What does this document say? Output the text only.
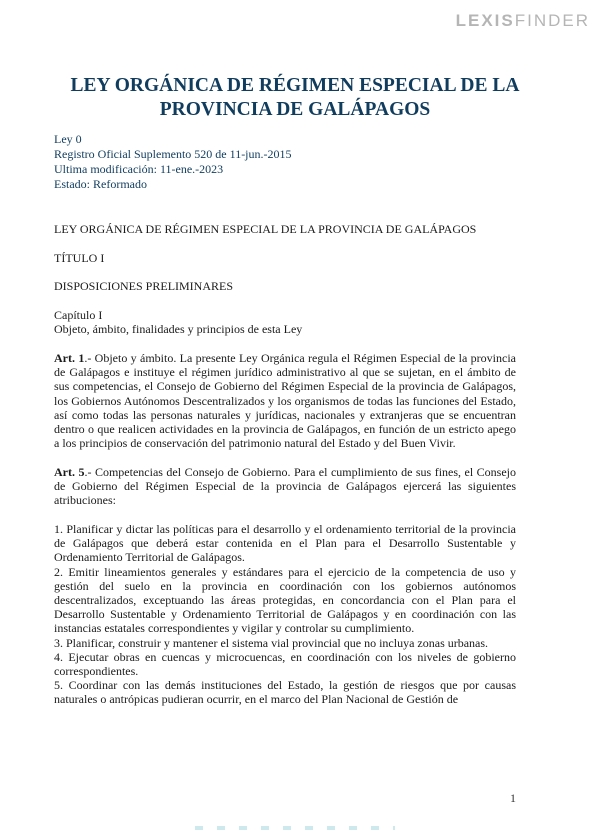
LEXISFINDER
LEY ORGÁNICA DE RÉGIMEN ESPECIAL DE LA
PROVINCIA DE GALÁPAGOS
Ley 0
Registro Oficial Suplemento 520 de 11-jun.-2015
Ultima modificación: 11-ene.-2023
Estado: Reformado

LEY ORGÁNICA DE RÉGIMEN ESPECIAL DE LA PROVINCIA DE GALÁPAGOS

TÍTULO I

DISPOSICIONES PRELIMINARES

Capítulo I
Objeto, ámbito, finalidades y principios de esta Ley

Art. 1.- Objeto y ámbito. La presente Ley Orgánica regula el Régimen Especial de la provincia de Galápagos e instituye el régimen jurídico administrativo al que se sujetan, en el ámbito de sus competencias, el Consejo de Gobierno del Régimen Especial de la provincia de Galápagos, los Gobiernos Autónomos Descentralizados y los organismos de todas las funciones del Estado, así como todas las personas naturales y jurídicas, nacionales y extranjeras que se encuentran dentro o que realicen actividades en la provincia de Galápagos, en función de un estricto apego a los principios de conservación del patrimonio natural del Estado y del Buen Vivir.

Art. 5.- Competencias del Consejo de Gobierno. Para el cumplimiento de sus fines, el Consejo de Gobierno del Régimen Especial de la provincia de Galápagos ejercerá las siguientes atribuciones:

1. Planificar y dictar las políticas para el desarrollo y el ordenamiento territorial de la provincia de Galápagos que deberá estar contenida en el Plan para el Desarrollo Sustentable y Ordenamiento Territorial de Galápagos.

2. Emitir lineamientos generales y estándares para el ejercicio de la competencia de uso y gestión del suelo en la provincia en coordinación con los gobiernos autónomos descentralizados, exceptuando las áreas protegidas, en concordancia con el Plan para el Desarrollo Sustentable y Ordenamiento Territorial de Galápagos y en coordinación con las instancias estatales correspondientes y vigilar y controlar su cumplimiento.

3. Planificar, construir y mantener el sistema vial provincial que no incluya zonas urbanas.

4. Ejecutar obras en cuencas y microcuencas, en coordinación con los niveles de gobierno correspondientes.

5. Coordinar con las demás instituciones del Estado, la gestión de riesgos que por causas naturales o antrópicas pudieran ocurrir, en el marco del Plan Nacional de Gestión de

1
